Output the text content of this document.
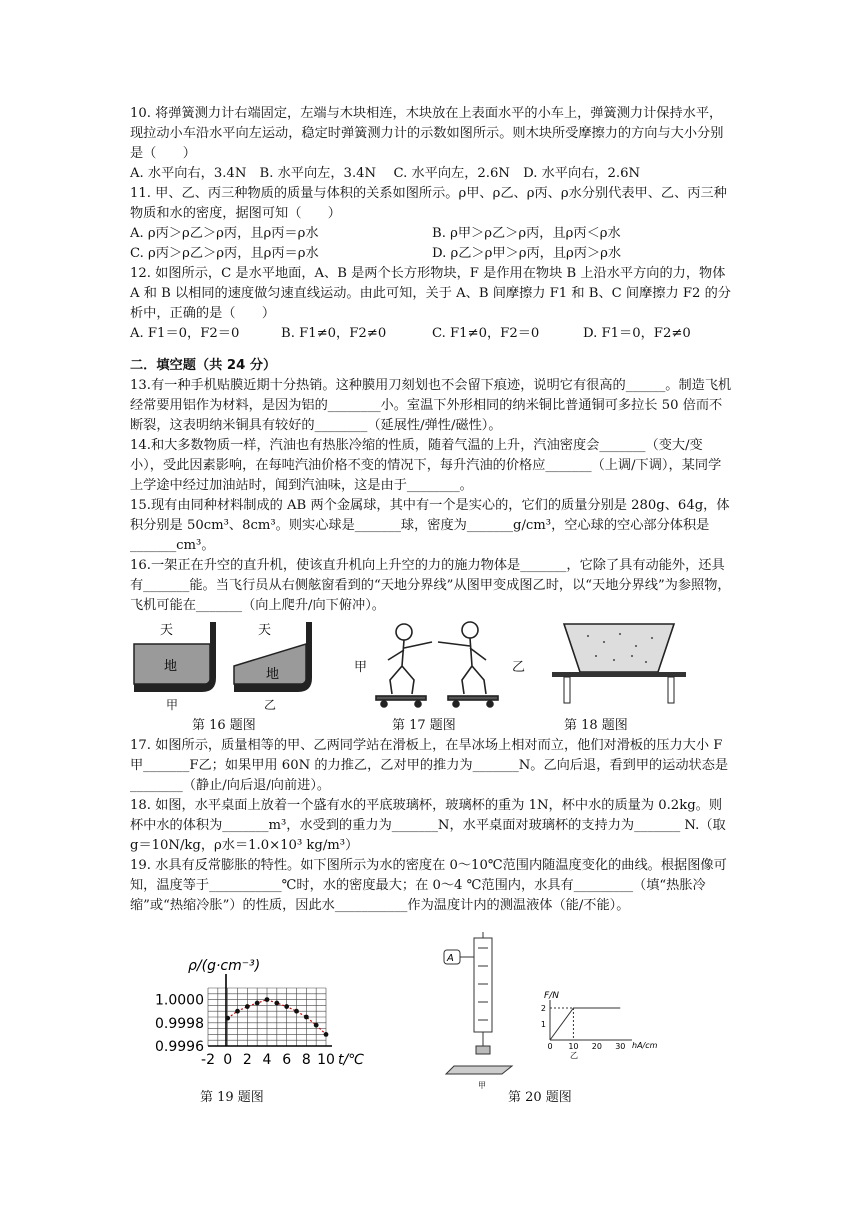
10. 将弹簧测力计右端固定，左端与木块相连，木块放在上表面水平的小车上，弹簧测力计保持水平，现拉动小车沿水平向左运动，稳定时弹簧测力计的示数如图所示。则木块所受摩擦力的方向与大小分别是（　　）

A. 水平向右，3.4N　B. 水平向左，3.4N　 C. 水平向左，2.6N　D. 水平向右，2.6N

11. 甲、乙、丙三种物质的质量与体积的关系如图所示。ρ甲、ρ乙、ρ丙、ρ水分别代表甲、乙、丙三种物质和水的密度，据图可知（　　）

A. ρ丙＞ρ乙＞ρ丙，且ρ丙＝ρ水	B. ρ甲＞ρ乙＞ρ丙，且ρ丙＜ρ水
C. ρ丙＞ρ乙＞ρ丙，且ρ丙＝ρ水	D. ρ乙＞ρ甲＞ρ丙，且ρ丙＞ρ水

12. 如图所示，C 是水平地面，A、B 是两个长方形物块，F 是作用在物块 B 上沿水平方向的力，物体 A 和 B 以相同的速度做匀速直线运动。由此可知，关于 A、B 间摩擦力 F1 和 B、C 间摩擦力 F2 的分析中，正确的是（　　）

A. F1＝0，F2＝0	B. F1≠0，F2≠0	C. F1≠0，F2＝0	D. F1＝0，F2≠0

二．填空题（共 24 分）

13.有一种手机贴膜近期十分热销。这种膜用刀刻划也不会留下痕迹，说明它有很高的______。制造飞机经常要用铝作为材料，是因为铝的________小。室温下外形相同的纳米铜比普通铜可多拉长 50 倍而不断裂，这表明纳米铜具有较好的________（延展性/弹性/磁性）。

14.和大多数物质一样，汽油也有热胀冷缩的性质，随着气温的上升，汽油密度会_______（变大/变小），受此因素影响，在每吨汽油价格不变的情况下，每升汽油的价格应_______（上调/下调），某同学上学途中经过加油站时，闻到汽油味，这是由于________。

15.现有由同种材料制成的 AB 两个金属球，其中有一个是实心的，它们的质量分别是 280g、64g，体积分别是 50cm³、8cm³。则实心球是_______球，密度为_______g/cm³，空心球的空心部分体积是_______cm³。

16.一架正在升空的直升机，使该直升机向上升空的力的施力物体是_______，它除了具有动能外，还具有_______能。当飞行员从右侧舷窗看到的“天地分界线”从图甲变成图乙时，以“天地分界线”为参照物，飞机可能在_______（向上爬升/向下俯冲）。

天
地
天
地
甲	乙
第 16 题图
甲	乙
第 17 题图	第 18 题图

17. 如图所示，质量相等的甲、乙两同学站在滑板上，在旱冰场上相对而立，他们对滑板的压力大小 F甲_______F乙；如果甲用 60N 的力推乙，乙对甲的推力为_______N。乙向后退，看到甲的运动状态是________（静止/向后退/向前进）。

18. 如图，水平桌面上放着一个盛有水的平底玻璃杯，玻璃杯的重为 1N，杯中水的质量为 0.2kg。则杯中水的体积为_______m³，水受到的重力为_______N，水平桌面对玻璃杯的支持力为_______ N.（取 g＝10N/kg，ρ水＝1.0×10³ kg/m³）

19. 水具有反常膨胀的特性。如下图所示为水的密度在 0～10℃范围内随温度变化的曲线。根据图像可知，温度等于___________℃时，水的密度最大；在 0～4 ℃范围内，水具有_________（填“热胀冷缩”或“热缩冷胀”）的性质，因此水___________作为温度计内的测温液体（能/不能）。

ρ/(g·cm⁻³)
1.0000
0.9998
0.9996
-2 0 2 4 6 8 10 t/℃
第 19 题图
A
甲
F/N
2
1
0 10 20 30 hA/cm
乙
第 20 题图
